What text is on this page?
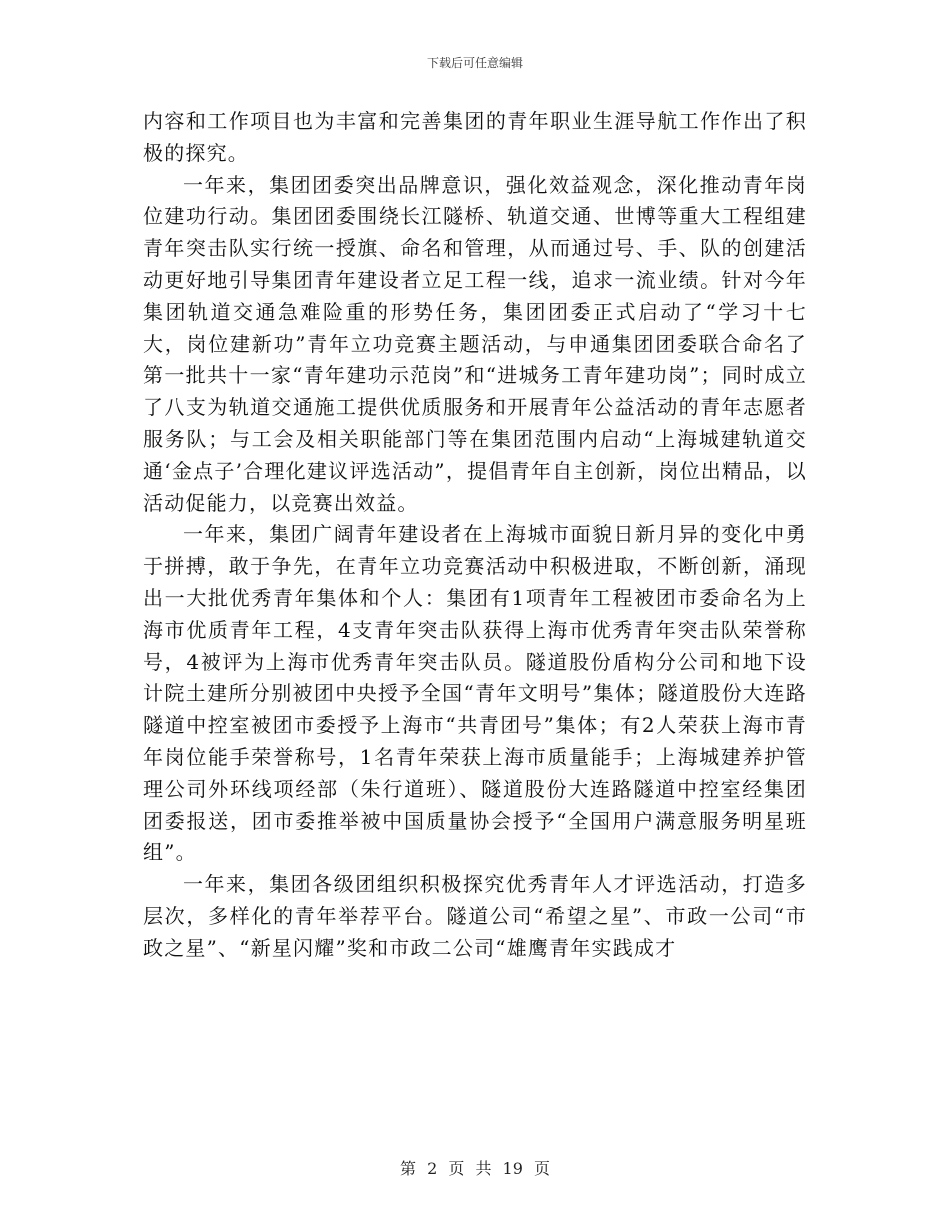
下载后可任意编辑

内容和工作项目也为丰富和完善集团的青年职业生涯导航工作作出了积极的探究。

一年来，集团团委突出品牌意识，强化效益观念，深化推动青年岗位建功行动。集团团委围绕长江隧桥、轨道交通、世博等重大工程组建青年突击队实行统一授旗、命名和管理，从而通过号、手、队的创建活动更好地引导集团青年建设者立足工程一线，追求一流业绩。针对今年集团轨道交通急难险重的形势任务，集团团委正式启动了“学习十七大，岗位建新功”青年立功竞赛主题活动，与申通集团团委联合命名了第一批共十一家“青年建功示范岗”和“进城务工青年建功岗”；同时成立了八支为轨道交通施工提供优质服务和开展青年公益活动的青年志愿者服务队；与工会及相关职能部门等在集团范围内启动“上海城建轨道交通‘金点子’合理化建议评选活动”，提倡青年自主创新，岗位出精品，以活动促能力，以竞赛出效益。

一年来，集团广阔青年建设者在上海城市面貌日新月异的变化中勇于拼搏，敢于争先，在青年立功竞赛活动中积极进取，不断创新，涌现出一大批优秀青年集体和个人：集团有1项青年工程被团市委命名为上海市优质青年工程，4支青年突击队获得上海市优秀青年突击队荣誉称号，4被评为上海市优秀青年突击队员。隧道股份盾构分公司和地下设计院土建所分别被团中央授予全国“青年文明号”集体；隧道股份大连路隧道中控室被团市委授予上海市“共青团号”集体；有2人荣获上海市青年岗位能手荣誉称号，1名青年荣获上海市质量能手；上海城建养护管理公司外环线项经部（朱行道班）、隧道股份大连路隧道中控室经集团团委报送，团市委推举被中国质量协会授予“全国用户满意服务明星班组”。

一年来，集团各级团组织积极探究优秀青年人才评选活动，打造多层次，多样化的青年举荐平台。隧道公司“希望之星”、市政一公司“市政之星”、“新星闪耀”奖和市政二公司“雄鹰青年实践成才

第 2 页 共 19 页
